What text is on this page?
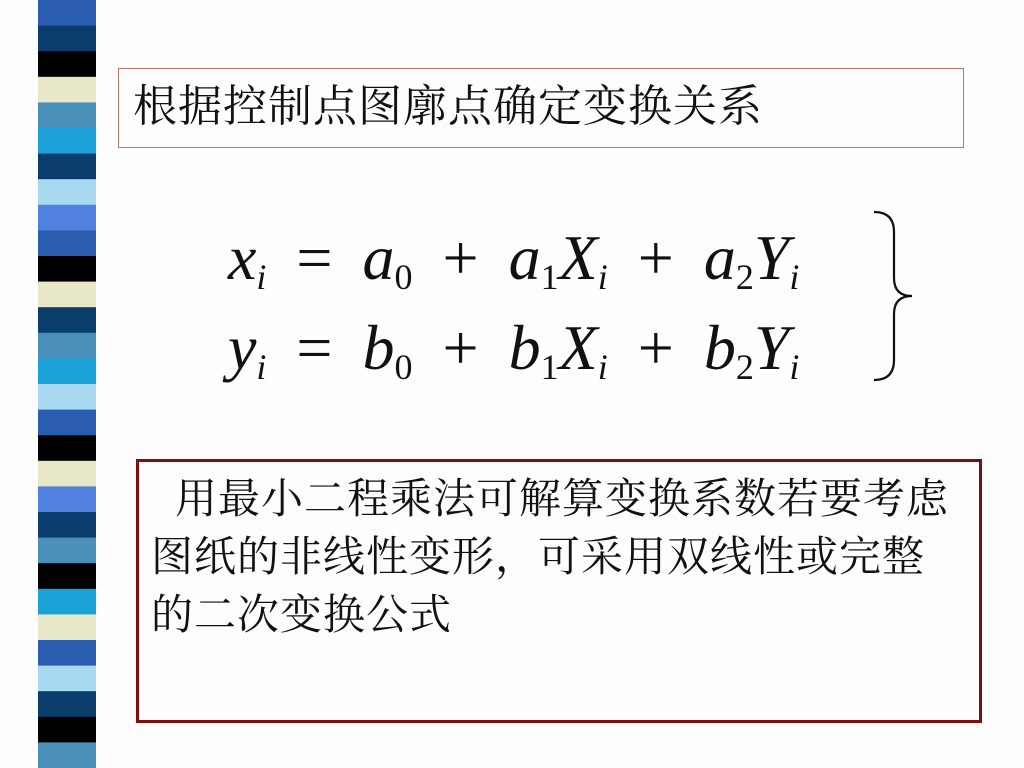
根据控制点图廓点确定变换关系
$x_i = a_0 + a_1X_i + a_2Y_i$
$y_i = b_0 + b_1X_i + b_2Y_i$
用最小二程乘法可解算变换系数若要考虑图纸的非线性变形，可采用双线性或完整的二次变换公式
